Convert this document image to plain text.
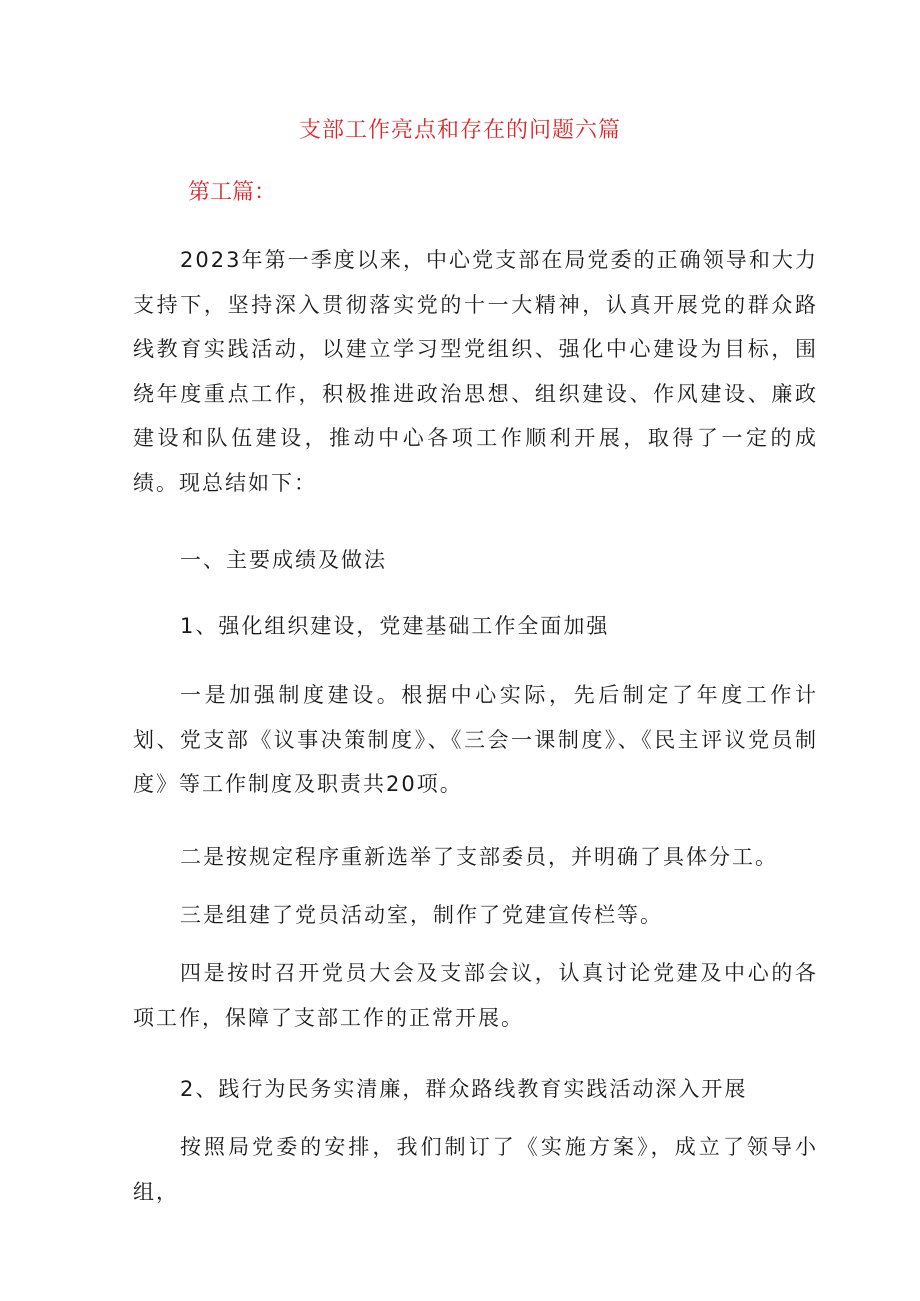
支部工作亮点和存在的问题六篇
第工篇：

2023年第一季度以来，中心党支部在局党委的正确领导和大力支持下，坚持深入贯彻落实党的十一大精神，认真开展党的群众路线教育实践活动，以建立学习型党组织、强化中心建设为目标，围绕年度重点工作，积极推进政治思想、组织建设、作风建设、廉政建设和队伍建设，推动中心各项工作顺利开展，取得了一定的成绩。现总结如下：

一、主要成绩及做法

1、强化组织建设，党建基础工作全面加强

一是加强制度建设。根据中心实际，先后制定了年度工作计划、党支部《议事决策制度》、《三会一课制度》、《民主评议党员制度》等工作制度及职责共20项。

二是按规定程序重新选举了支部委员，并明确了具体分工。

三是组建了党员活动室，制作了党建宣传栏等。

四是按时召开党员大会及支部会议，认真讨论党建及中心的各项工作，保障了支部工作的正常开展。

2、践行为民务实清廉，群众路线教育实践活动深入开展

按照局党委的安排，我们制订了《实施方案》，成立了领导小组，
